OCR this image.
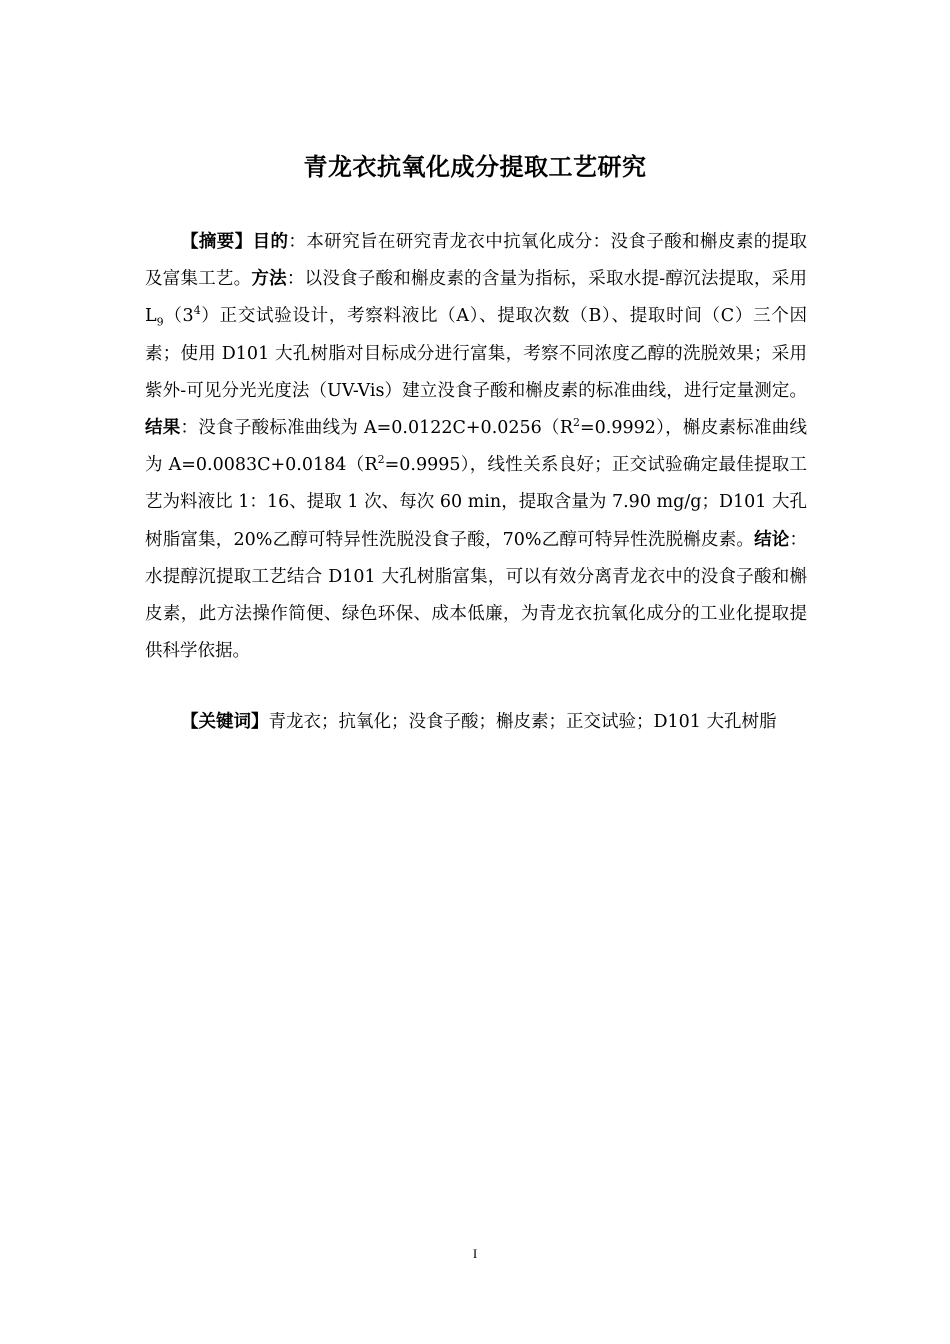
青龙衣抗氧化成分提取工艺研究

【摘要】目的：本研究旨在研究青龙衣中抗氧化成分：没食子酸和槲皮素的提取及富集工艺。方法：以没食子酸和槲皮素的含量为指标，采取水提-醇沉法提取，采用 $L_9(3^4)$正交试验设计，考察料液比（A）、提取次数（B）、提取时间（C）三个因素；使用 D101 大孔树脂对目标成分进行富集，考察不同浓度乙醇的洗脱效果；采用紫外-可见分光光度法（UV-Vis）建立没食子酸和槲皮素的标准曲线，进行定量测定。结果：没食子酸标准曲线为 $A=0.0122C+0.0256(R^2=0.9992)$，槲皮素标准曲线为 $A=0.0083C+0.0184(R^2=0.9995)$，线性关系良好；正交试验确定最佳提取工艺为料液比 1：16、提取 1 次、每次 60 min，提取含量为 7.90 mg/g；D101 大孔树脂富集，20%乙醇可特异性洗脱没食子酸，70%乙醇可特异性洗脱槲皮素。结论：水提醇沉提取工艺结合 D101 大孔树脂富集，可以有效分离青龙衣中的没食子酸和槲皮素，此方法操作简便、绿色环保、成本低廉，为青龙衣抗氧化成分的工业化提取提供科学依据。

【关键词】青龙衣；抗氧化；没食子酸；槲皮素；正交试验；D101 大孔树脂

I
